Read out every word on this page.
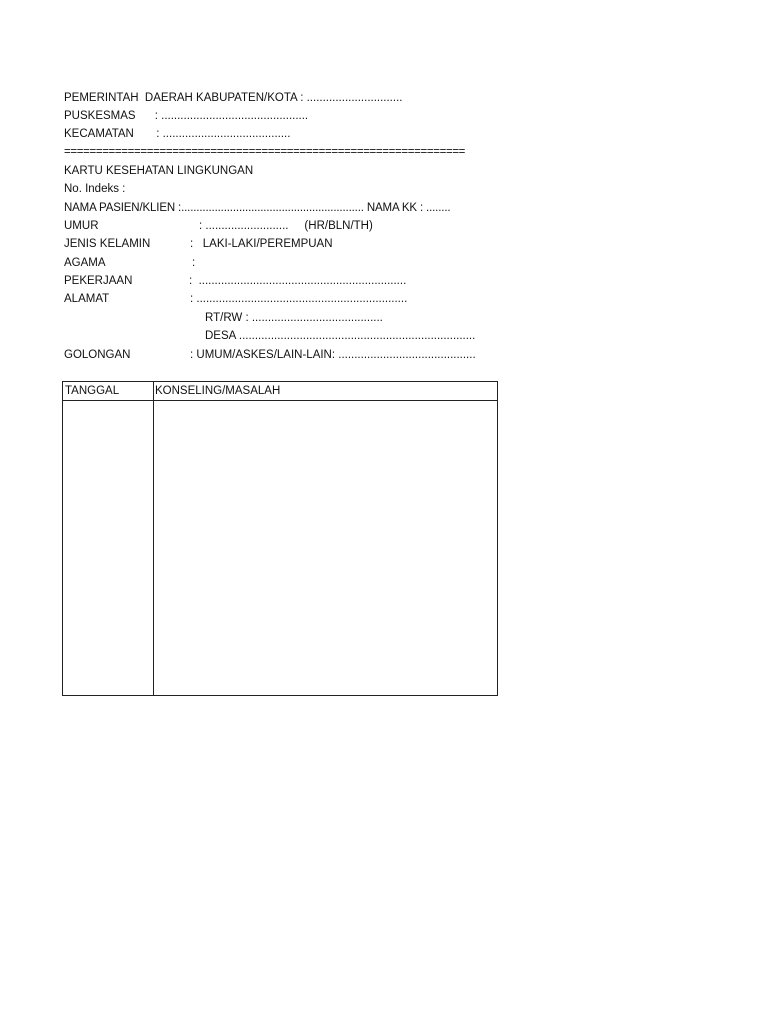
PEMERINTAH  DAERAH KABUPATEN/KOTA : ..............................
PUSKESMAS      : ..............................................
KECAMATAN       : ........................................
===============================================================
KARTU KESEHATAN LINGKUNGAN
No. Indeks :
NAMA PASIEN/KLIEN :............................................................ NAMA KK : ........
UMUR	: ..........................     (HR/BLN/TH)
JENIS KELAMIN	:   LAKI-LAKI/PEREMPUAN
AGAMA	:
PEKERJAAN	:  .................................................................
ALAMAT	: ..................................................................
RT/RW : .........................................
DESA ..........................................................................
GOLONGAN	: UMUM/ASKES/LAIN-LAIN: ...........................................
TANGGAL	KONSELING/MASALAH
